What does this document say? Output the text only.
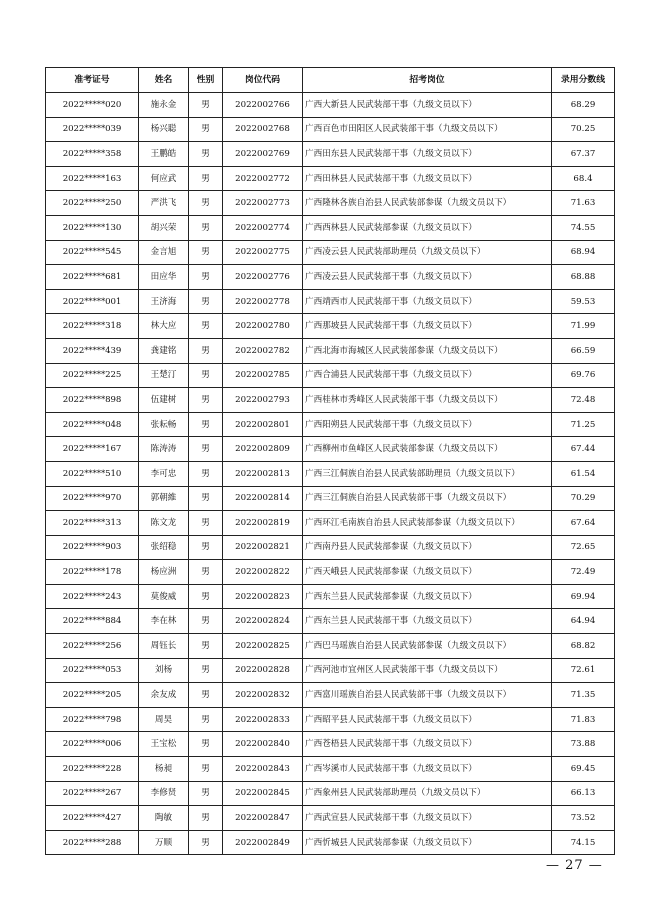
准考证号	姓名	性别	岗位代码	招考岗位	录用分数线
2022*****020	施永金	男	2022002766	广西大新县人民武装部干事（九级文员以下）	68.29
2022*****039	杨兴聪	男	2022002768	广西百色市田阳区人民武装部干事（九级文员以下）	70.25
2022*****358	王鹏皓	男	2022002769	广西田东县人民武装部干事（九级文员以下）	67.37
2022*****163	何应武	男	2022002772	广西田林县人民武装部干事（九级文员以下）	68.4
2022*****250	严洪飞	男	2022002773	广西隆林各族自治县人民武装部参谋（九级文员以下）	71.63
2022*****130	胡兴荣	男	2022002774	广西西林县人民武装部参谋（九级文员以下）	74.55
2022*****545	金言旭	男	2022002775	广西凌云县人民武装部助理员（九级文员以下）	68.94
2022*****681	田应华	男	2022002776	广西凌云县人民武装部干事（九级文员以下）	68.88
2022*****001	王济海	男	2022002778	广西靖西市人民武装部干事（九级文员以下）	59.53
2022*****318	林大应	男	2022002780	广西那坡县人民武装部干事（九级文员以下）	71.99
2022*****439	龚建铭	男	2022002782	广西北海市海城区人民武装部参谋（九级文员以下）	66.59
2022*****225	王楚汀	男	2022002785	广西合浦县人民武装部干事（九级文员以下）	69.76
2022*****898	伍建树	男	2022002793	广西桂林市秀峰区人民武装部干事（九级文员以下）	72.48
2022*****048	张耘畅	男	2022002801	广西阳朔县人民武装部干事（九级文员以下）	71.25
2022*****167	陈涛涛	男	2022002809	广西柳州市鱼峰区人民武装部参谋（九级文员以下）	67.44
2022*****510	李可忠	男	2022002813	广西三江侗族自治县人民武装部助理员（九级文员以下）	61.54
2022*****970	郭朝維	男	2022002814	广西三江侗族自治县人民武装部干事（九级文员以下）	70.29
2022*****313	陈文龙	男	2022002819	广西环江毛南族自治县人民武装部参谋（九级文员以下）	67.64
2022*****903	张绍稳	男	2022002821	广西南丹县人民武装部参谋（九级文员以下）	72.65
2022*****178	杨应洲	男	2022002822	广西天峨县人民武装部参谋（九级文员以下）	72.49
2022*****243	莫俊威	男	2022002823	广西东兰县人民武装部参谋（九级文员以下）	69.94
2022*****884	李在林	男	2022002824	广西东兰县人民武装部干事（九级文员以下）	64.94
2022*****256	周钰长	男	2022002825	广西巴马瑶族自治县人民武装部参谋（九级文员以下）	68.82
2022*****053	刘杨	男	2022002828	广西河池市宜州区人民武装部干事（九级文员以下）	72.61
2022*****205	余友成	男	2022002832	广西富川瑶族自治县人民武装部干事（九级文员以下）	71.35
2022*****798	周昊	男	2022002833	广西昭平县人民武装部干事（九级文员以下）	71.83
2022*****006	王宝松	男	2022002840	广西苍梧县人民武装部干事（九级文员以下）	73.88
2022*****228	杨昶	男	2022002843	广西岑溪市人民武装部干事（九级文员以下）	69.45
2022*****267	李修贤	男	2022002845	广西象州县人民武装部助理员（九级文员以下）	66.13
2022*****427	陶敏	男	2022002847	广西武宣县人民武装部干事（九级文员以下）	73.52
2022*****288	万顺	男	2022002849	广西忻城县人民武装部参谋（九级文员以下）	74.15
— 27 —
